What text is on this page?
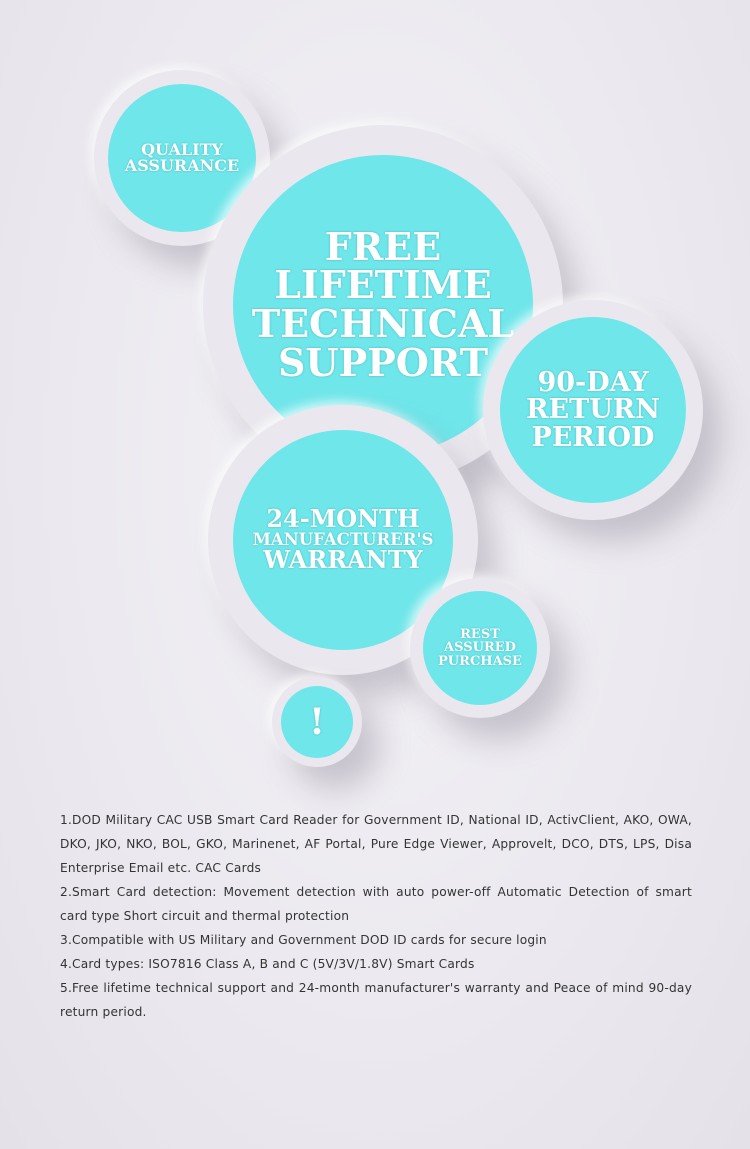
QUALITY
ASSURANCE
FREE
LIFETIME
TECHNICAL
SUPPORT 90-DAY
RETURN
PERIOD
24-MONTH
MANUFACTURER'S
WARRANTY
REST
ASSURED
PURCHASE
!

1.DOD Military CAC USB Smart Card Reader for Government ID, National ID, ActivClient, AKO, OWA, DKO, JKO, NKO, BOL, GKO, Marinenet, AF Portal, Pure Edge Viewer, Approvelt, DCO, DTS, LPS, Disa Enterprise Email etc. CAC Cards

2.Smart Card detection: Movement detection with auto power-off Automatic Detection of smart card type Short circuit and thermal protection

3.Compatible with US Military and Government DOD ID cards for secure login

4.Card types: ISO7816 Class A, B and C (5V/3V/1.8V) Smart Cards

5.Free lifetime technical support and 24-month manufacturer's warranty and Peace of mind 90-day return period.
